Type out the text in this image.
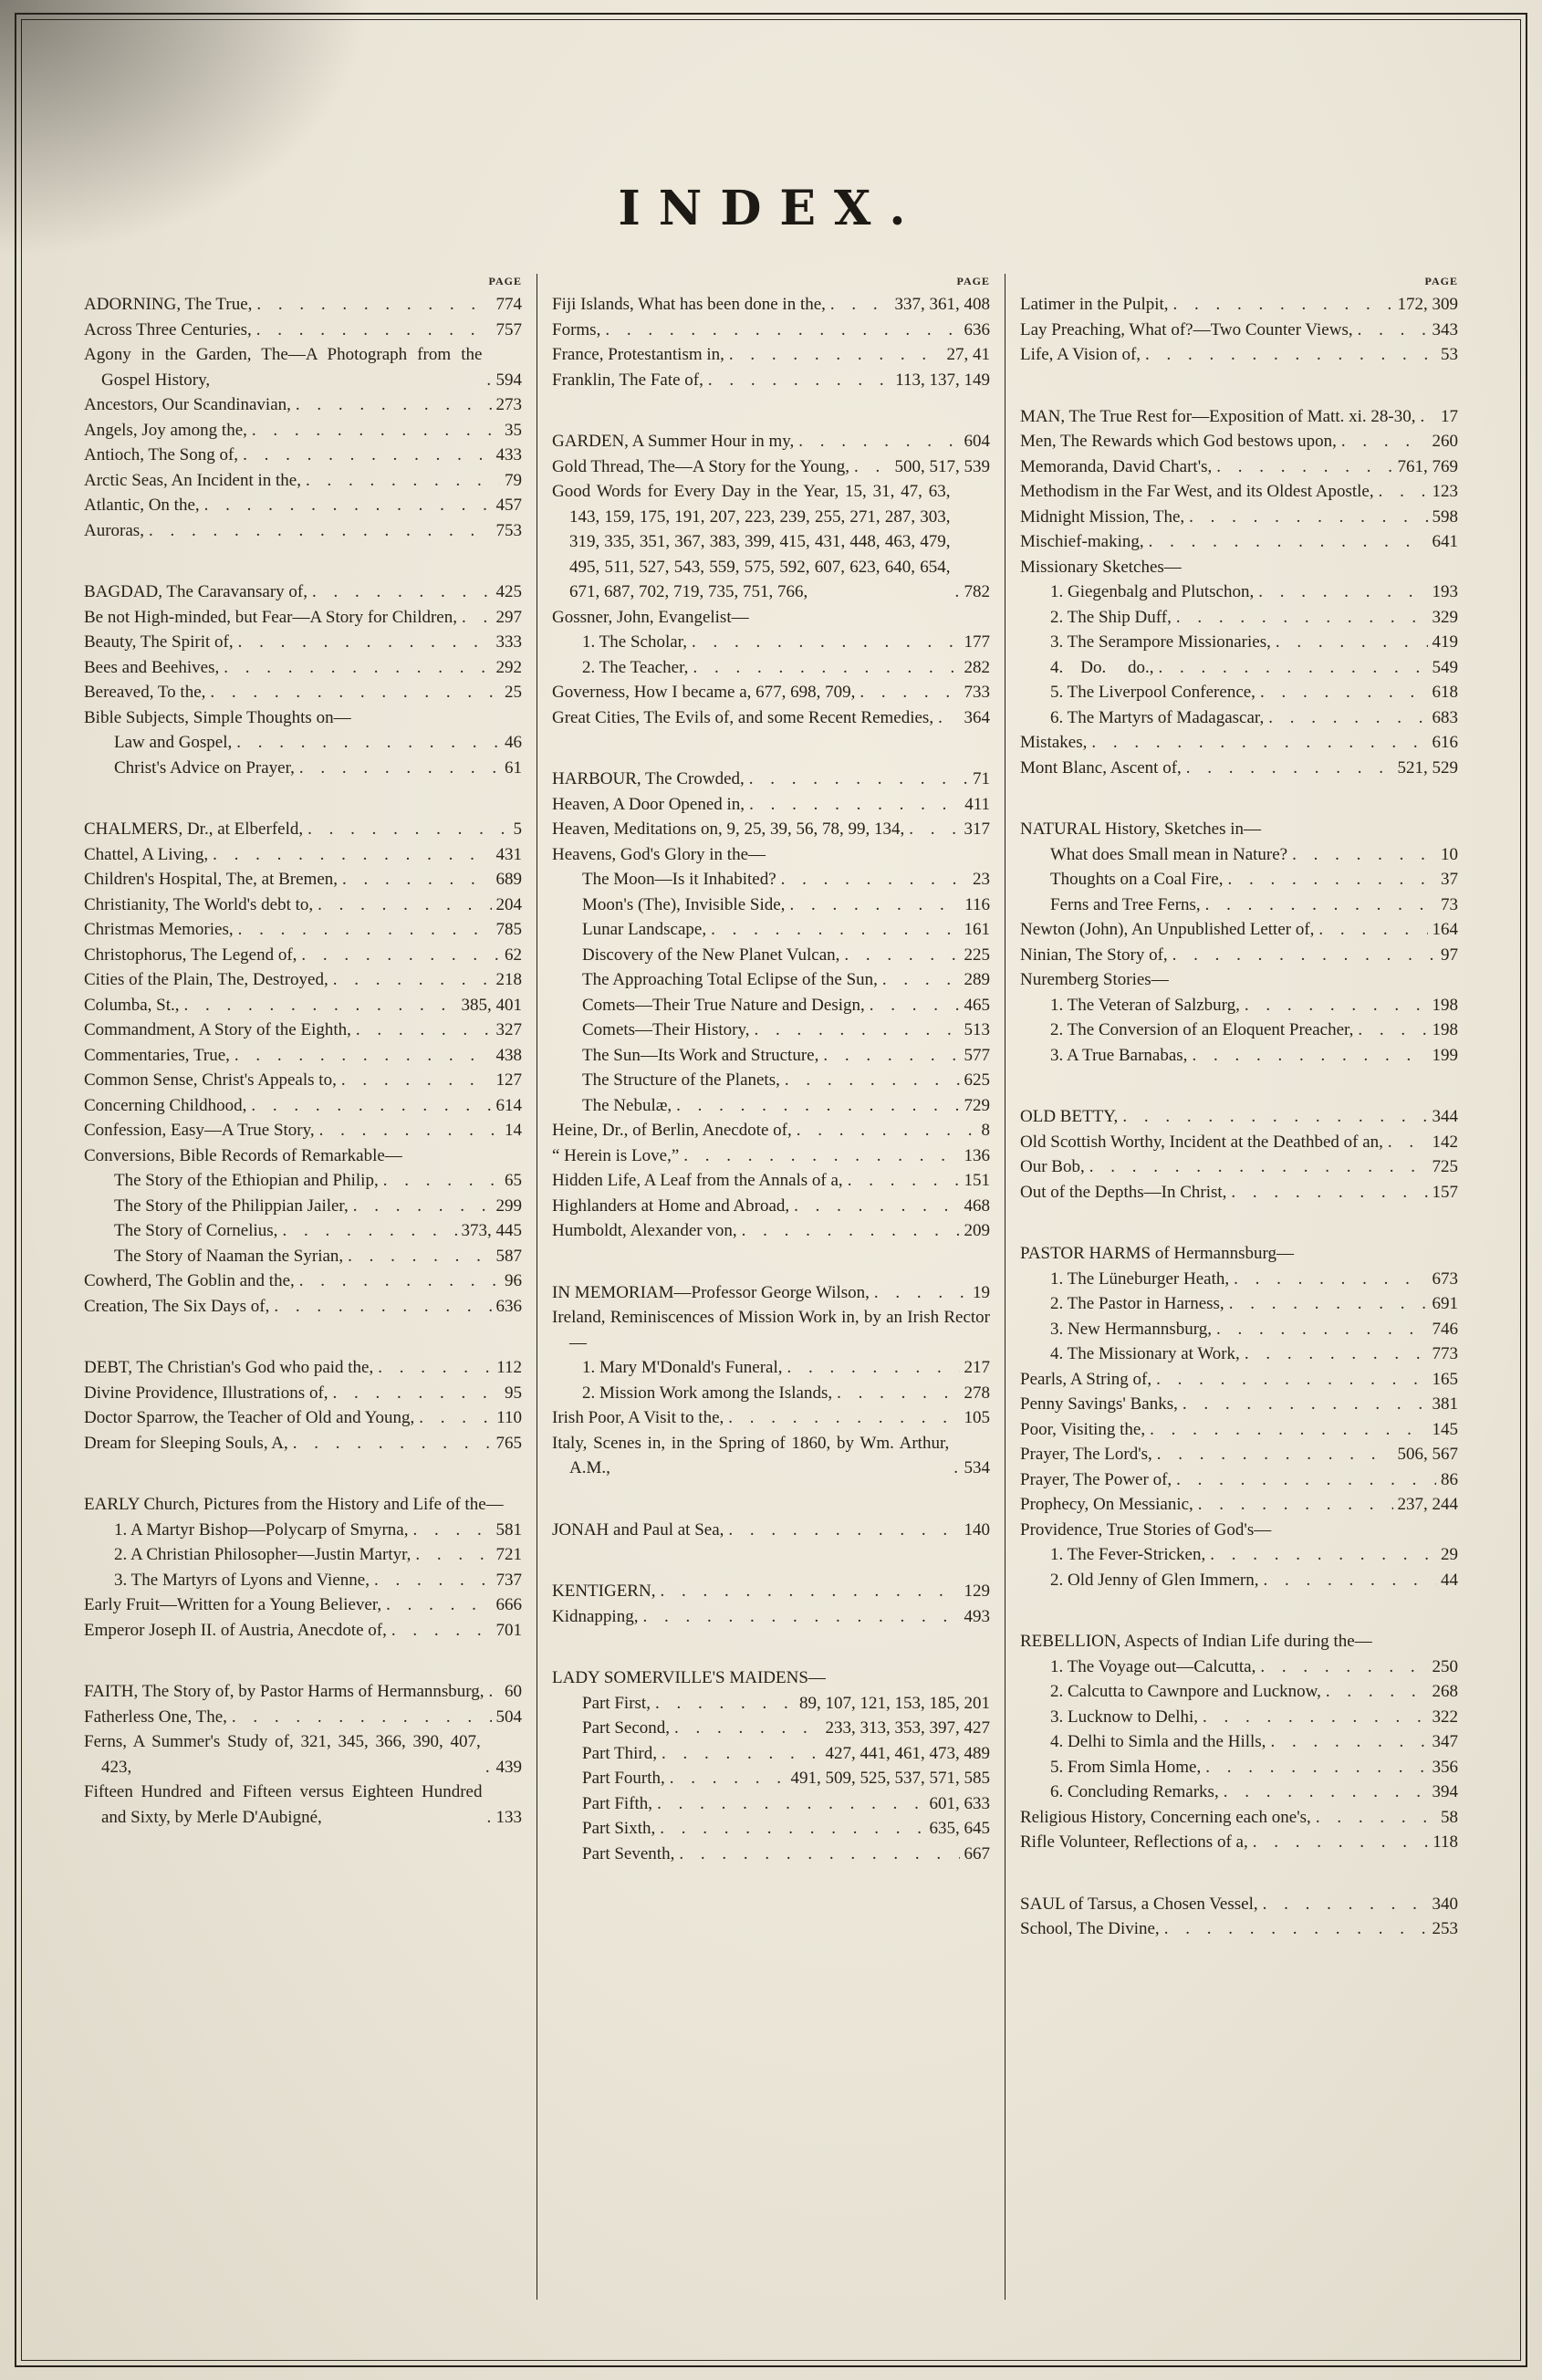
INDEX.
PAGE
ADORNING, The True, . . .	774
Across Three Centuries, . . .	757
Agony in the Garden, The—A Photograph from the Gospel History, . . .	594
Ancestors, Our Scandinavian, . . .	273
Angels, Joy among the, . . .	35
Antioch, The Song of, . . .	433
Arctic Seas, An Incident in the, . . .	79
Atlantic, On the, . . .	457
Auroras, . . .	753
BAGDAD, The Caravansary of, . . .	425
Be not High-minded, but Fear—A Story for Children, . . . 297
Beauty, The Spirit of, . . .	333
Bees and Beehives, . . .	292
Bereaved, To the, . . .	25
Bible Subjects, Simple Thoughts on—
Law and Gospel, . . .	46
Christ's Advice on Prayer, . . .	61
CHALMERS, Dr., at Elberfeld, . . .	5
Chattel, A Living, . . .	431
Children's Hospital, The, at Bremen, . . .	689
Christianity, The World's debt to, . . .	204
Christmas Memories, . . .	785
Christophorus, The Legend of, . . .	62
Cities of the Plain, The, Destroyed, . . .	218
Columba, St., . . .	385, 401
Commandment, A Story of the Eighth, . . .	327
Commentaries, True, . . .	438
Common Sense, Christ's Appeals to, . . .	127
Concerning Childhood, . . .	614
Confession, Easy—A True Story, . . .	14
Conversions, Bible Records of Remarkable—
The Story of the Ethiopian and Philip, . . .	65
The Story of the Philippian Jailer, . . .	299
The Story of Cornelius, . . .	373, 445
The Story of Naaman the Syrian, . . .	587
Cowherd, The Goblin and the, . . .	96
Creation, The Six Days of, . . .	636
DEBT, The Christian's God who paid the, . . .	112
Divine Providence, Illustrations of, . . .	95
Doctor Sparrow, the Teacher of Old and Young, . . .	110
Dream for Sleeping Souls, A, . . .	765
EARLY Church, Pictures from the History and Life of the—
1. A Martyr Bishop—Polycarp of Smyrna, . . .	581
2. A Christian Philosopher—Justin Martyr, . . .	721
3. The Martyrs of Lyons and Vienne, . . .	737
Early Fruit—Written for a Young Believer, . . .	666
Emperor Joseph II. of Austria, Anecdote of, . . .	701
FAITH, The Story of, by Pastor Harms of Hermannsburg, . . . 60
Fatherless One, The, . . .	504
Ferns, A Summer's Study of, 321, 345, 366, 390, 407, 423, . . .	439
Fifteen Hundred and Fifteen versus Eighteen Hundred and Sixty, by Merle D'Aubigné, . . .	133
PAGE
Fiji Islands, What has been done in the, . . .	337, 361, 408
Forms, . . .	636
France, Protestantism in, . . .	27, 41
Franklin, The Fate of, . . .	113, 137, 149
GARDEN, A Summer Hour in my, . . .	604
Gold Thread, The—A Story for the Young, . . .	500, 517, 539
Good Words for Every Day in the Year, 15, 31, 47, 63, 143, 159, 175, 191, 207, 223, 239, 255, 271, 287, 303, 319, 335, 351, 367, 383, 399, 415, 431, 448, 463, 479, 495, 511, 527, 543, 559, 575, 592, 607, 623, 640, 654, 671, 687, 702, 719, 735, 751, 766, . . .	782
Gossner, John, Evangelist—
1. The Scholar, . . .	177
2. The Teacher, . . .	282
Governess, How I became a, 677, 698, 709, . . .	733
Great Cities, The Evils of, and some Recent Remedies, . . . 364
HARBOUR, The Crowded, . . .	71
Heaven, A Door Opened in, . . .	411
Heaven, Meditations on, 9, 25, 39, 56, 78, 99, 134, . . .	317
Heavens, God's Glory in the—
The Moon—Is it Inhabited? . . .	23
Moon's (The), Invisible Side, . . .	116
Lunar Landscape, . . .	161
Discovery of the New Planet Vulcan, . . .	225
The Approaching Total Eclipse of the Sun, . . .	289
Comets—Their True Nature and Design, . . .	465
Comets—Their History, . . .	513
The Sun—Its Work and Structure, . . .	577
The Structure of the Planets, . . .	625
The Nebulæ, . . .	729
Heine, Dr., of Berlin, Anecdote of, . . .	8
“ Herein is Love,” . . .	136
Hidden Life, A Leaf from the Annals of a, . . .	151
Highlanders at Home and Abroad, . . .	468
Humboldt, Alexander von, . . .	209
IN MEMORIAM—Professor George Wilson, . . .	19
Ireland, Reminiscences of Mission Work in, by an Irish Rector—
1. Mary M'Donald's Funeral, . . .	217
2. Mission Work among the Islands, . . .	278
Irish Poor, A Visit to the, . . .	105
Italy, Scenes in, in the Spring of 1860, by Wm. Arthur, A.M., . . .	534
JONAH and Paul at Sea, . . .	140
KENTIGERN, . . .	129
Kidnapping, . . .	493
LADY SOMERVILLE'S MAIDENS—
Part First, . . .	89, 107, 121, 153, 185, 201
Part Second, . . .	233, 313, 353, 397, 427
Part Third, . . .	427, 441, 461, 473, 489
Part Fourth, . . .	491, 509, 525, 537, 571, 585
Part Fifth, . . .	601, 633
Part Sixth, . . .	635, 645
Part Seventh, . . .	667
PAGE
Latimer in the Pulpit, . . .	172, 309
Lay Preaching, What of?—Two Counter Views, . . .	343
Life, A Vision of, . . .	53
MAN, The True Rest for—Exposition of Matt. xi. 28-30, . . . 17
Men, The Rewards which God bestows upon, . . .	260
Memoranda, David Chart's, . . .	761, 769
Methodism in the Far West, and its Oldest Apostle, . . .	123
Midnight Mission, The, . . .	598
Mischief-making, . . .	641
Missionary Sketches—
1. Giegenbalg and Plutschon, . . .	193
2. The Ship Duff, . . .	329
3. The Serampore Missionaries, . . .	419
4.    Do.     do., . . .	549
5. The Liverpool Conference, . . .	618
6. The Martyrs of Madagascar, . . .	683
Mistakes, . . .	616
Mont Blanc, Ascent of, . . .	521, 529
NATURAL History, Sketches in—
What does Small mean in Nature? . . .	10
Thoughts on a Coal Fire, . . .	37
Ferns and Tree Ferns, . . .	73
Newton (John), An Unpublished Letter of, . . .	164
Ninian, The Story of, . . .	97
Nuremberg Stories—
1. The Veteran of Salzburg, . . .	198
2. The Conversion of an Eloquent Preacher, . . .	198
3. A True Barnabas, . . .	199
OLD BETTY, . . .	344
Old Scottish Worthy, Incident at the Deathbed of an, . . .	142
Our Bob, . . .	725
Out of the Depths—In Christ, . . .	157
PASTOR HARMS of Hermannsburg—
1. The Lüneburger Heath, . . .	673
2. The Pastor in Harness, . . .	691
3. New Hermannsburg, . . .	746
4. The Missionary at Work, . . .	773
Pearls, A String of, . . .	165
Penny Savings' Banks, . . .	381
Poor, Visiting the, . . .	145
Prayer, The Lord's, . . .	506, 567
Prayer, The Power of, . . .	86
Prophecy, On Messianic, . . .	237, 244
Providence, True Stories of God's—
1. The Fever-Stricken, . . .	29
2. Old Jenny of Glen Immern, . . .	44
REBELLION, Aspects of Indian Life during the—
1. The Voyage out—Calcutta, . . .	250
2. Calcutta to Cawnpore and Lucknow, . . .	268
3. Lucknow to Delhi, . . .	322
4. Delhi to Simla and the Hills, . . .	347
5. From Simla Home, . . .	356
6. Concluding Remarks, . . .	394
Religious History, Concerning each one's, . . .	58
Rifle Volunteer, Reflections of a, . . .	118
SAUL of Tarsus, a Chosen Vessel, . . .	340
School, The Divine, . . .	253
